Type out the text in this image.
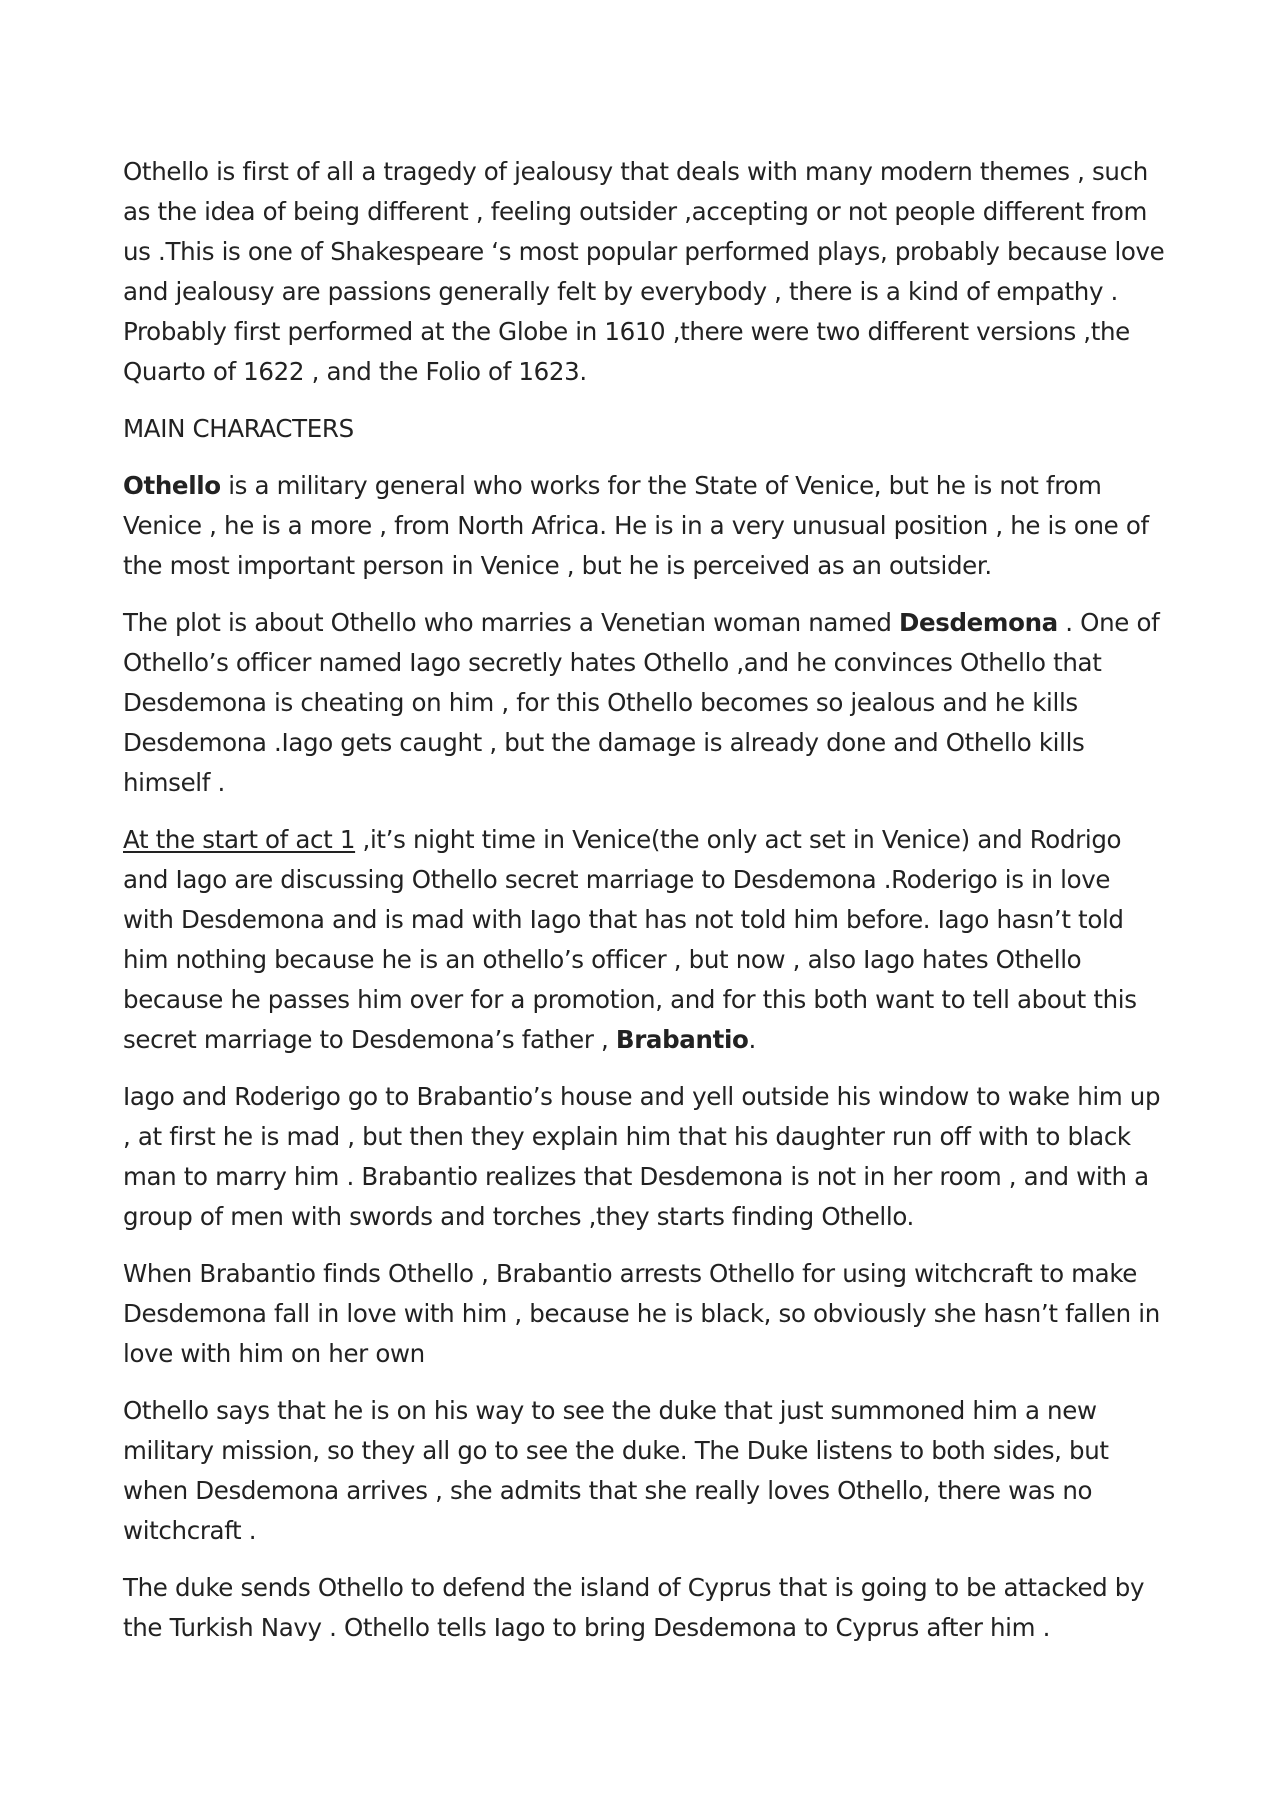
Othello is first of all a tragedy of jealousy that deals with many modern themes , such as the idea of being different , feeling outsider ,accepting or not people different from us .This is one of Shakespeare ‘s most popular performed plays, probably because love and jealousy are passions generally felt by everybody , there is a kind of empathy . Probably first performed at the Globe in 1610 ,there were two different versions ,the Quarto of 1622 , and the Folio of 1623.

MAIN CHARACTERS

Othello is a military general who works for the State of Venice, but he is not from Venice , he is a more , from North Africa. He is in a very unusual position , he is one of the most important person in Venice , but he is perceived as an outsider.

The plot is about Othello who marries a Venetian woman named Desdemona . One of Othello’s officer named Iago secretly hates Othello ,and he convinces Othello that Desdemona is cheating on him , for this Othello becomes so jealous and he kills Desdemona .Iago gets caught , but the damage is already done and Othello kills himself .

At the start of act 1 ,it’s night time in Venice(the only act set in Venice) and Rodrigo and Iago are discussing Othello secret marriage to Desdemona .Roderigo is in love with Desdemona and is mad with Iago that has not told him before. Iago hasn’t told him nothing because he is an othello’s officer , but now , also Iago hates Othello because he passes him over for a promotion, and for this both want to tell about this secret marriage to Desdemona’s father , Brabantio.

Iago and Roderigo go to Brabantio’s house and yell outside his window to wake him up , at first he is mad , but then they explain him that his daughter run off with to black man to marry him . Brabantio realizes that Desdemona is not in her room , and with a group of men with swords and torches ,they starts finding Othello.

When Brabantio finds Othello , Brabantio arrests Othello for using witchcraft to make Desdemona fall in love with him , because he is black, so obviously she hasn’t fallen in love with him on her own

Othello says that he is on his way to see the duke that just summoned him a new military mission, so they all go to see the duke. The Duke listens to both sides, but when Desdemona arrives , she admits that she really loves Othello, there was no witchcraft .

The duke sends Othello to defend the island of Cyprus that is going to be attacked by the Turkish Navy . Othello tells Iago to bring Desdemona to Cyprus after him .
